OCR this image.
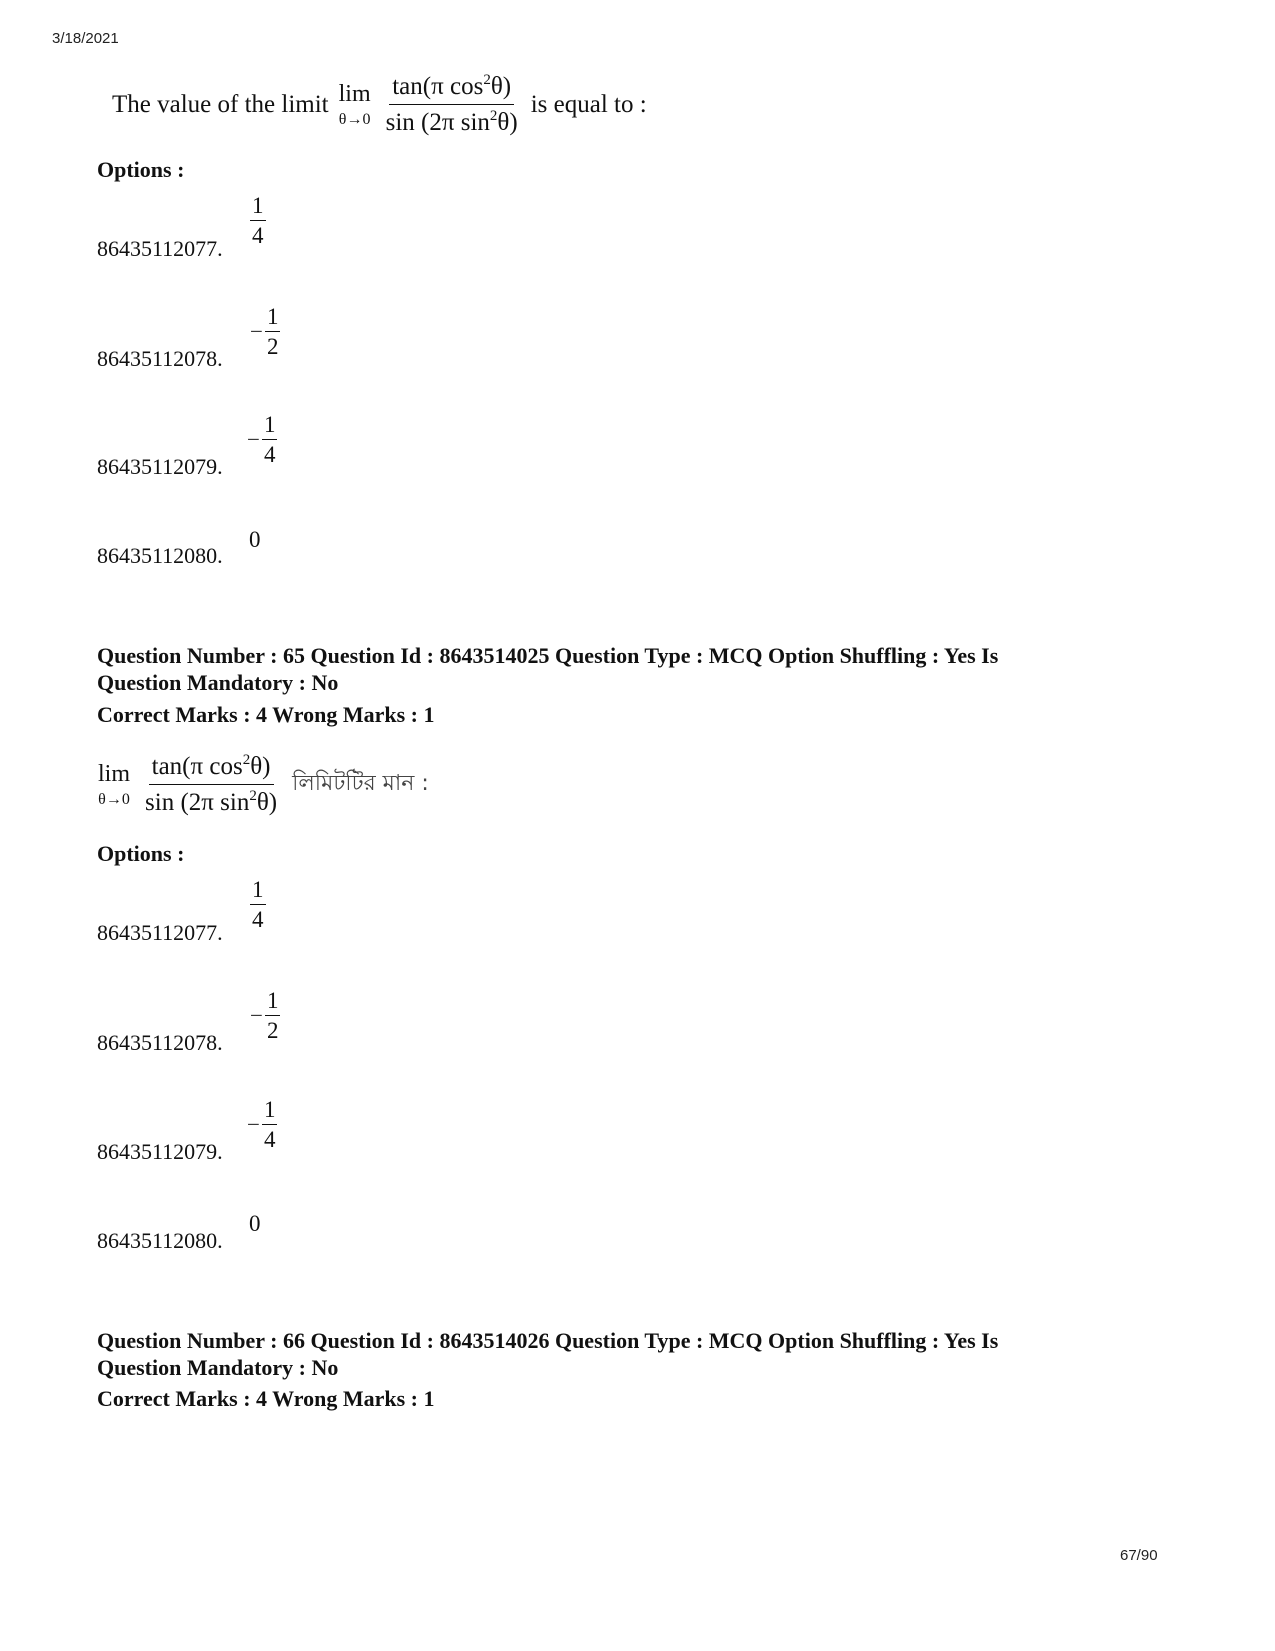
3/18/2021
The value of the limit lim
$\theta\to 0 \frac{\tan(\pi \cos^2\theta)}{\sin (2\pi \sin^2\theta)}$ is equal to :
Options :
86435112077.
1
4
86435112078.
− $\frac{1}{2}$
86435112079.
− $\frac{1}{4}$
86435112080.
0
Question Number : 65 Question Id : 8643514025 Question Type : MCQ Option Shuffling : Yes Is
Question Mandatory : No
Correct Marks : 4 Wrong Marks : 1
lim
$\theta\to 0 \frac{\tan(\pi \cos^2\theta)}{\sin (2\pi \sin^2\theta)}$ লিমিটটির মান :
Options :
86435112077.
1
4
86435112078.
− $\frac{1}{2}$
86435112079.
− $\frac{1}{4}$
86435112080.
0
Question Number : 66 Question Id : 8643514026 Question Type : MCQ Option Shuffling : Yes Is
Question Mandatory : No
Correct Marks : 4 Wrong Marks : 1
67/90
